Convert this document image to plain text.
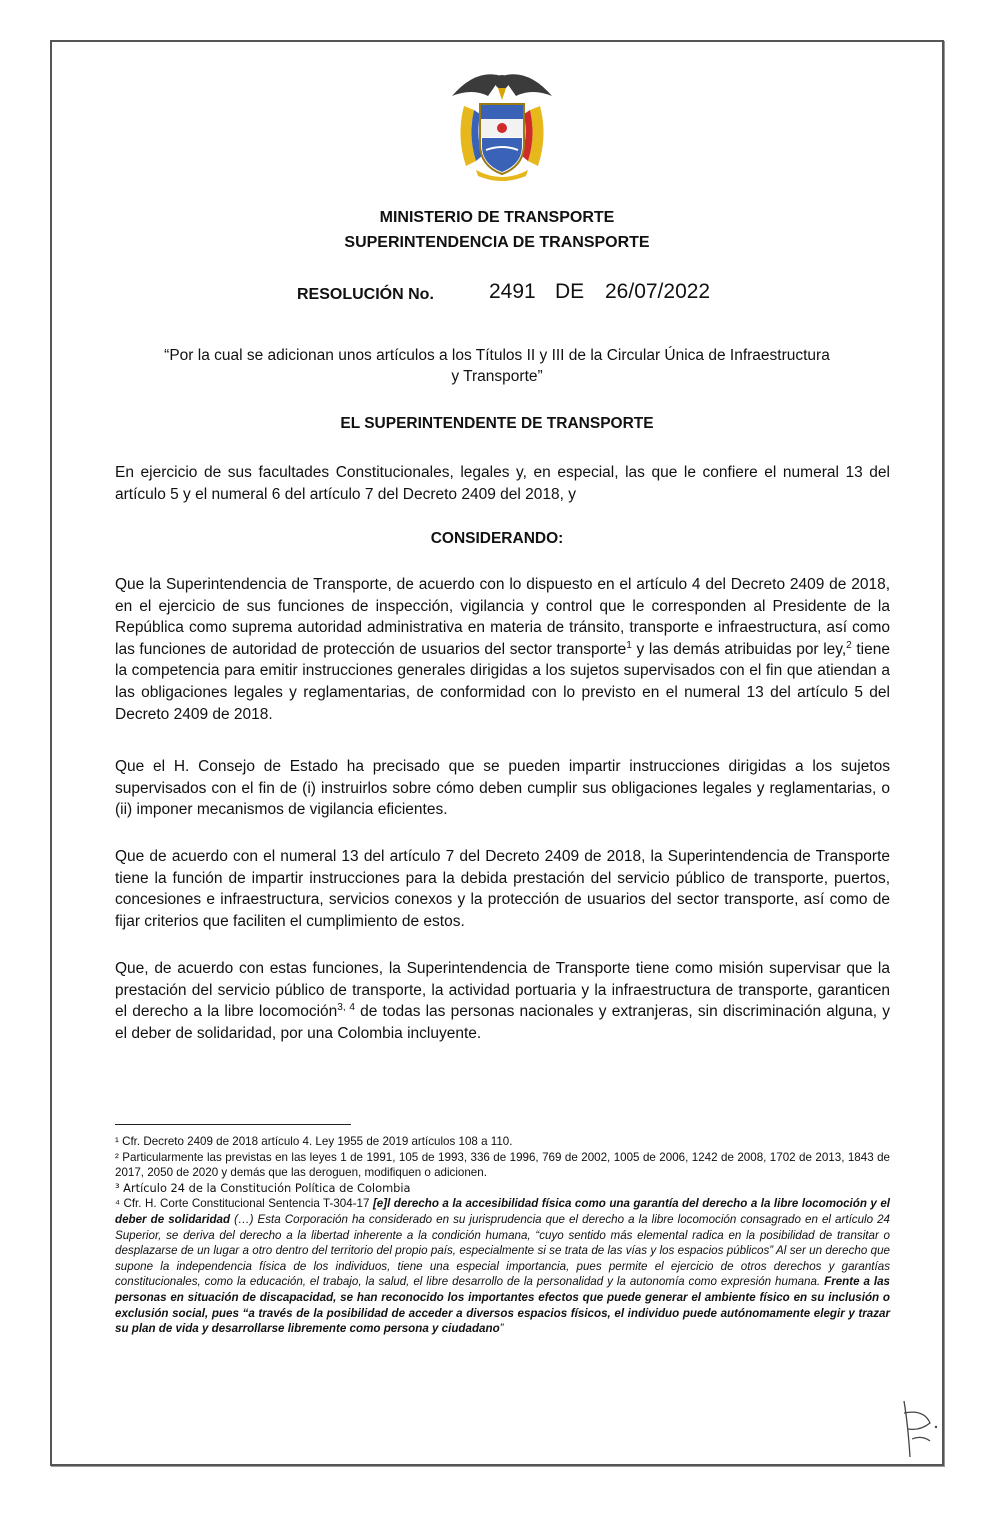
MINISTERIO DE TRANSPORTE
SUPERINTENDENCIA DE TRANSPORTE
RESOLUCIÓN No.	2491 DE 26/07/2022
“Por la cual se adicionan unos artículos a los Títulos II y III de la Circular Única de Infraestructura y Transporte”
EL SUPERINTENDENTE DE TRANSPORTE

En ejercicio de sus facultades Constitucionales, legales y, en especial, las que le confiere el numeral 13 del artículo 5 y el numeral 6 del artículo 7 del Decreto 2409 del 2018, y

CONSIDERANDO:

Que la Superintendencia de Transporte, de acuerdo con lo dispuesto en el artículo 4 del Decreto 2409 de 2018, en el ejercicio de sus funciones de inspección, vigilancia y control que le corresponden al Presidente de la República como suprema autoridad administrativa en materia de tránsito, transporte e infraestructura, así como las funciones de autoridad de protección de usuarios del sector transporte$^1$ y las demás atribuidas por ley,$^2$ tiene la competencia para emitir instrucciones generales dirigidas a los sujetos supervisados con el fin que atiendan a las obligaciones legales y reglamentarias, de conformidad con lo previsto en el numeral 13 del artículo 5 del Decreto 2409 de 2018.

Que el H. Consejo de Estado ha precisado que se pueden impartir instrucciones dirigidas a los sujetos supervisados con el fin de (i) instruirlos sobre cómo deben cumplir sus obligaciones legales y reglamentarias, o (ii) imponer mecanismos de vigilancia eficientes.

Que de acuerdo con el numeral 13 del artículo 7 del Decreto 2409 de 2018, la Superintendencia de Transporte tiene la función de impartir instrucciones para la debida prestación del servicio público de transporte, puertos, concesiones e infraestructura, servicios conexos y la protección de usuarios del sector transporte, así como de fijar criterios que faciliten el cumplimiento de estos.

Que, de acuerdo con estas funciones, la Superintendencia de Transporte tiene como misión supervisar que la prestación del servicio público de transporte, la actividad portuaria y la infraestructura de transporte, garanticen el derecho a la libre locomoción$^{3, 4}$ de todas las personas nacionales y extranjeras, sin discriminación alguna, y el deber de solidaridad, por una Colombia incluyente.

¹ Cfr. Decreto 2409 de 2018 artículo 4. Ley 1955 de 2019 artículos 108 a 110.

² Particularmente las previstas en las leyes 1 de 1991, 105 de 1993, 336 de 1996, 769 de 2002, 1005 de 2006, 1242 de 2008, 1702 de 2013, 1843 de 2017, 2050 de 2020 y demás que las deroguen, modifiquen o adicionen.

³ Artículo 24 de la Constitución Política de Colombia

⁴ Cfr. H. Corte Constitucional Sentencia T-304-17 [e]l derecho a la accesibilidad física como una garantía del derecho a la libre locomoción y el deber de solidaridad (…) Esta Corporación ha considerado en su jurisprudencia que el derecho a la libre locomoción consagrado en el artículo 24 Superior, se deriva del derecho a la libertad inherente a la condición humana, “cuyo sentido más elemental radica en la posibilidad de transitar o desplazarse de un lugar a otro dentro del territorio del propio país, especialmente si se trata de las vías y los espacios públicos” Al ser un derecho que supone la independencia física de los individuos, tiene una especial importancia, pues permite el ejercicio de otros derechos y garantías constitucionales, como la educación, el trabajo, la salud, el libre desarrollo de la personalidad y la autonomía como expresión humana. Frente a las personas en situación de discapacidad, se han reconocido los importantes efectos que puede generar el ambiente físico en su inclusión o exclusión social, pues “a través de la posibilidad de acceder a diversos espacios físicos, el individuo puede autónomamente elegir y trazar su plan de vida y desarrollarse libremente como persona y ciudadano”
